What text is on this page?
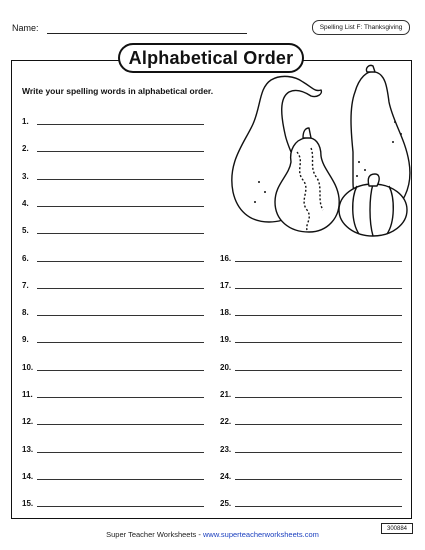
Name:	Spelling List F: Thanksgiving
Alphabetical Order
Write your spelling words in alphabetical order.
1.
2.
3.
4.
5.
6.
7.
8.
9.
10.
11.
12.
13.
14.
15.
16.
17.
18.
19.
20.
21.
22.
23.
24.
25.
Super Teacher Worksheets - www.superteacherworksheets.com
300884
